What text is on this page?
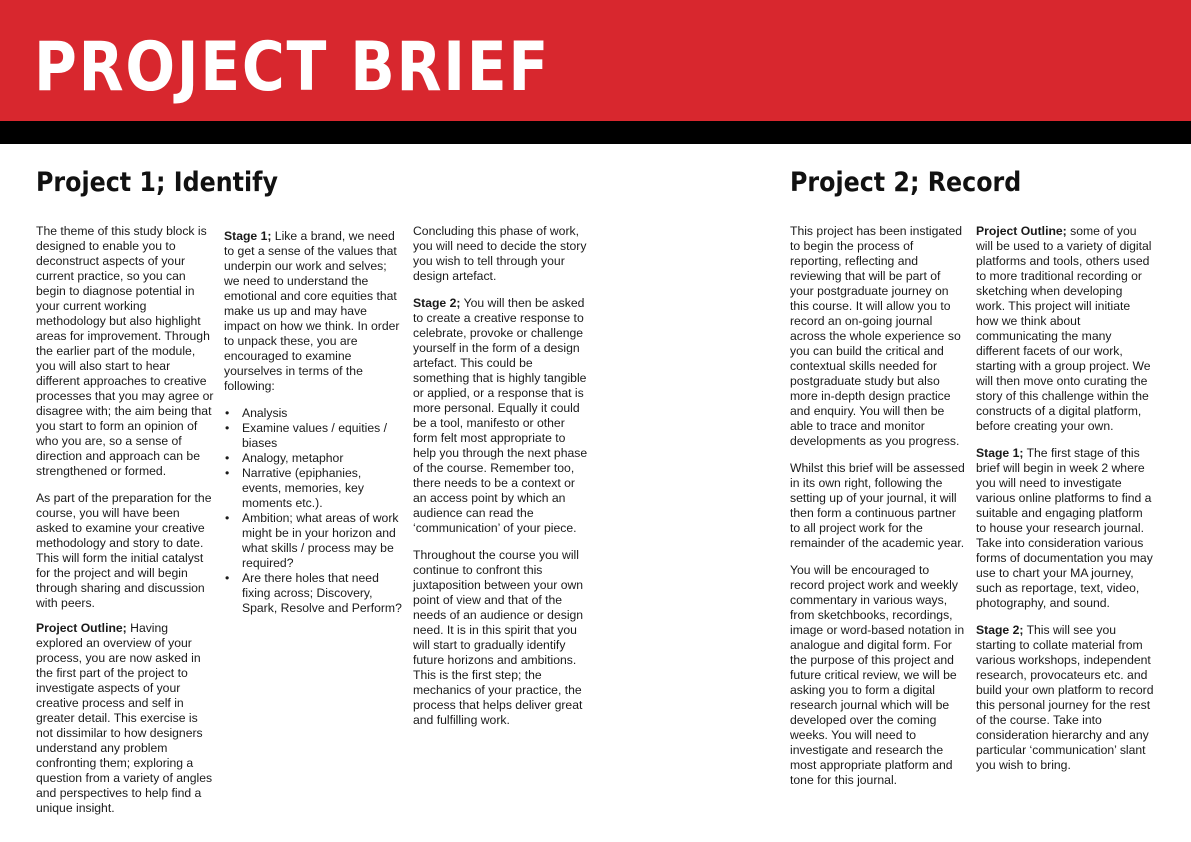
PROJECT BRIEF
Project 1; Identify

The theme of this study block is designed to enable you to deconstruct aspects of your current practice, so you can begin to diagnose potential in your current working methodology but also highlight areas for improvement. Through the earlier part of the module, you will also start to hear different approaches to creative processes that you may agree or disagree with; the aim being that you start to form an opinion of who you are, so a sense of direction and approach can be strengthened or formed.

As part of the preparation for the course, you will have been asked to examine your creative methodology and story to date. This will form the initial catalyst for the project and will begin through sharing and discussion with peers.

Project Outline; Having explored an overview of your process, you are now asked in the first part of the project to investigate aspects of your creative process and self in greater detail. This exercise is not dissimilar to how designers understand any problem confronting them; exploring a question from a variety of angles and perspectives to help find a unique insight.

Stage 1; Like a brand, we need to get a sense of the values that underpin our work and selves; we need to understand the emotional and core equities that make us up and may have impact on how we think. In order to unpack these, you are encouraged to examine yourselves in terms of the following:

• Analysis
• Examine values / equities / biases
• Analogy, metaphor
• Narrative (epiphanies, events, memories, key moments etc.).
• Ambition; what areas of work might be in your horizon and what skills / process may be required?
• Are there holes that need fixing across; Discovery, Spark, Resolve and Perform?

Concluding this phase of work, you will need to decide the story you wish to tell through your design artefact.

Stage 2; You will then be asked to create a creative response to celebrate, provoke or challenge yourself in the form of a design artefact. This could be something that is highly tangible or applied, or a response that is more personal. Equally it could be a tool, manifesto or other form felt most appropriate to help you through the next phase of the course. Remember too, there needs to be a context or an access point by which an audience can read the ‘communication’ of your piece.

Throughout the course you will continue to confront this juxtaposition between your own point of view and that of the needs of an audience or design need. It is in this spirit that you will start to gradually identify future horizons and ambitions. This is the first step; the mechanics of your practice, the process that helps deliver great and fulfilling work.

Project 2; Record

This project has been instigated to begin the process of reporting, reflecting and reviewing that will be part of your postgraduate journey on this course. It will allow you to record an on-going journal across the whole experience so you can build the critical and contextual skills needed for postgraduate study but also more in-depth design practice and enquiry. You will then be able to trace and monitor developments as you progress.

Whilst this brief will be assessed in its own right, following the setting up of your journal, it will then form a continuous partner to all project work for the remainder of the academic year.

You will be encouraged to record project work and weekly commentary in various ways, from sketchbooks, recordings, image or word-based notation in analogue and digital form. For the purpose of this project and future critical review, we will be asking you to form a digital research journal which will be developed over the coming weeks. You will need to investigate and research the most appropriate platform and tone for this journal.

Project Outline; some of you will be used to a variety of digital platforms and tools, others used to more traditional recording or sketching when developing work. This project will initiate how we think about communicating the many different facets of our work, starting with a group project. We will then move onto curating the story of this challenge within the constructs of a digital platform, before creating your own.

Stage 1; The first stage of this brief will begin in week 2 where you will need to investigate various online platforms to find a suitable and engaging platform to house your research journal. Take into consideration various forms of documentation you may use to chart your MA journey, such as reportage, text, video, photography, and sound.

Stage 2; This will see you starting to collate material from various workshops, independent research, provocateurs etc. and build your own platform to record this personal journey for the rest of the course. Take into consideration hierarchy and any particular ‘communication’ slant you wish to bring.
